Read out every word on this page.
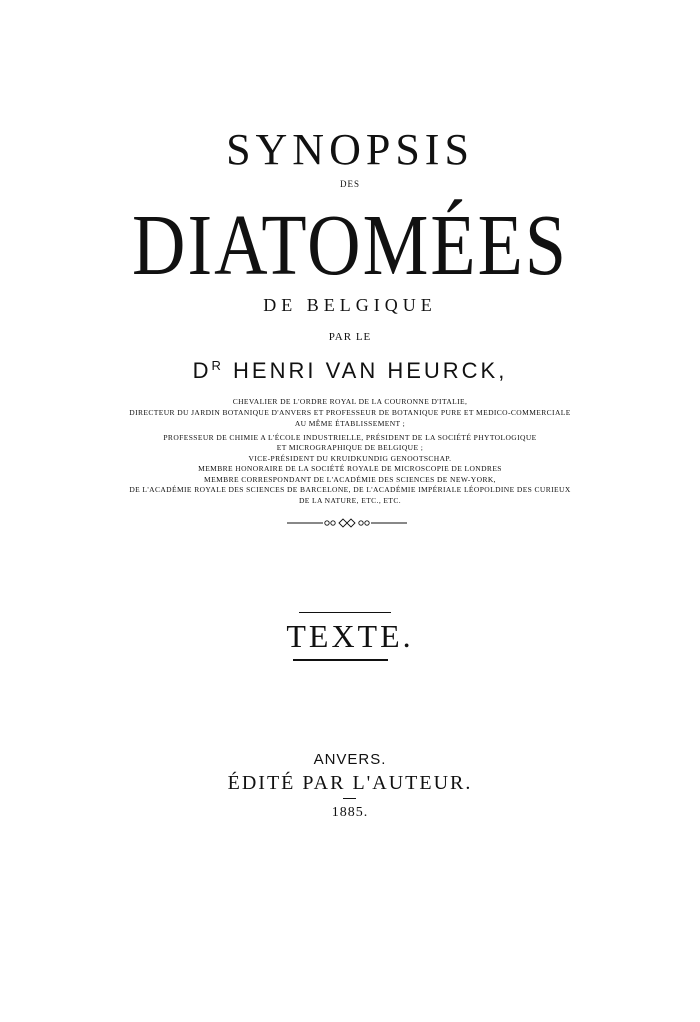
SYNOPSIS
DES
DIATOMÉES
DE BELGIQUE
PAR LE
$D^R$ HENRI VAN HEURCK,
CHEVALIER DE L'ORDRE ROYAL DE LA COURONNE D'ITALIE,
DIRECTEUR DU JARDIN BOTANIQUE D'ANVERS ET PROFESSEUR DE BOTANIQUE PURE ET MEDICO-COMMERCIALE
AU MÊME ÉTABLISSEMENT ;
PROFESSEUR DE CHIMIE A L'ÉCOLE INDUSTRIELLE, PRÉSIDENT DE LA SOCIÉTÉ PHYTOLOGIQUE
ET MICROGRAPHIQUE DE BELGIQUE ;
VICE-PRÉSIDENT DU KRUIDKUNDIG GENOOTSCHAP.
MEMBRE HONORAIRE DE LA SOCIÉTÉ ROYALE DE MICROSCOPIE DE LONDRES
MEMBRE CORRESPONDANT DE L'ACADÉMIE DES SCIENCES DE NEW-YORK,
DE L'ACADÉMIE ROYALE DES SCIENCES DE BARCELONE, DE L'ACADÉMIE IMPÉRIALE LÉOPOLDINE DES CURIEUX
DE LA NATURE, ETC., ETC.
TEXTE.
ANVERS.
ÉDITÉ PAR L'AUTEUR.
1885.
